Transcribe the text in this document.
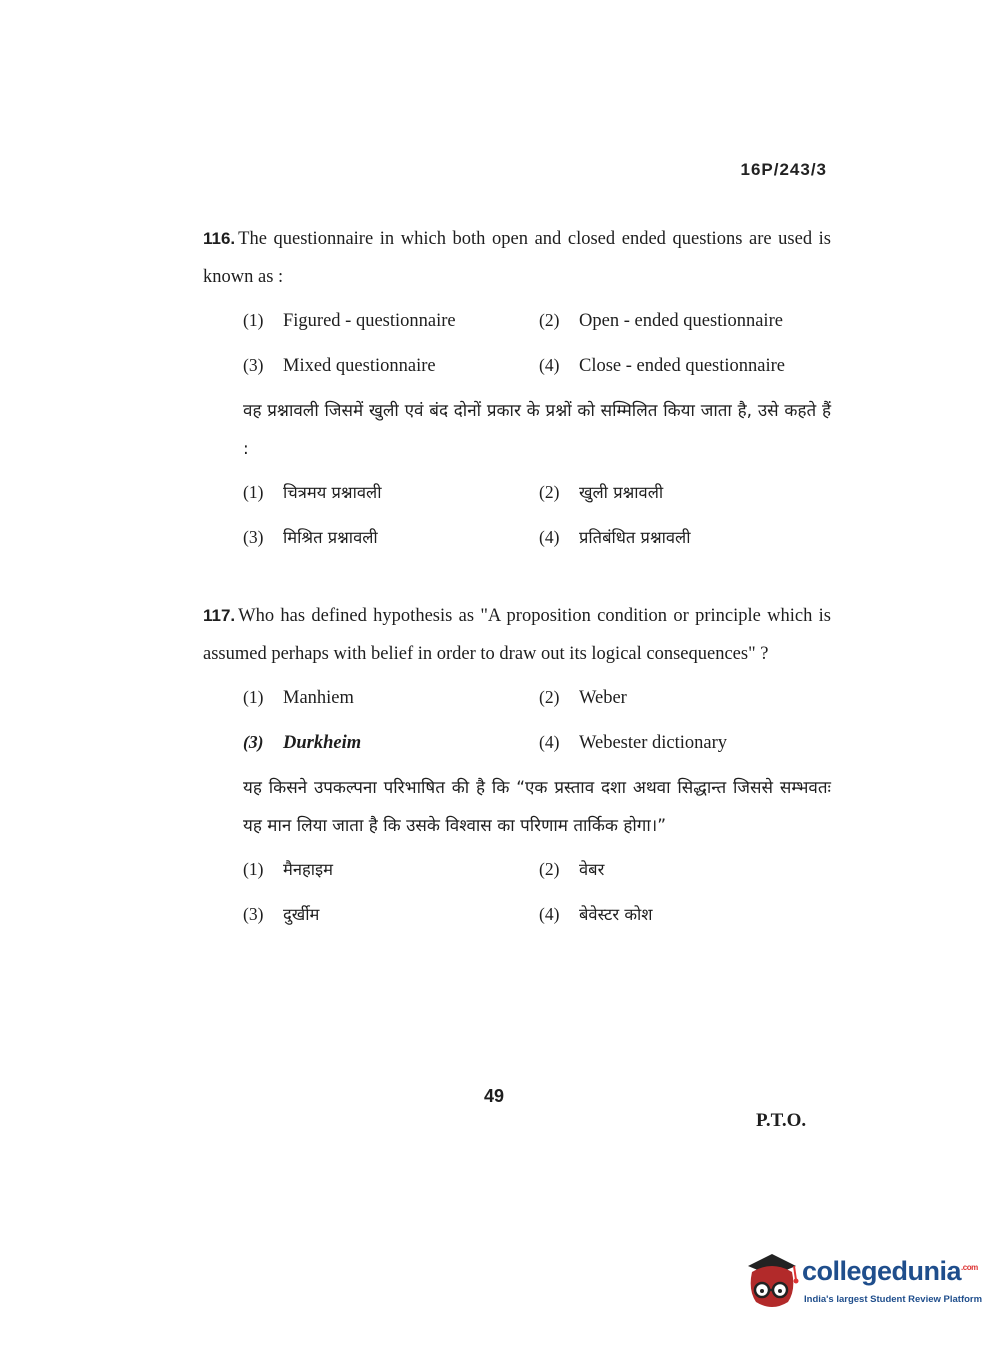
16P/243/3
116. The questionnaire in which both open and closed ended questions are used is known as :
(1) Figured - questionnaire	(2) Open - ended questionnaire
(3) Mixed questionnaire	(4) Close - ended questionnaire
वह प्रश्नावली जिसमें खुली एवं बंद दोनों प्रकार के प्रश्नों को सम्मिलित किया जाता है, उसे कहते हैं :
(1) चित्रमय प्रश्नावली	(2) खुली प्रश्नावली
(3) मिश्रित प्रश्नावली	(4) प्रतिबंधित प्रश्नावली
117. Who has defined hypothesis as "A proposition condition or principle which is assumed perhaps with belief in order to draw out its logical consequences" ?
(1) Manhiem	(2) Weber
(3) Durkheim	(4) Webester dictionary
यह किसने उपकल्पना परिभाषित की है कि “एक प्रस्ताव दशा अथवा सिद्धान्त जिससे सम्भवतः यह मान लिया जाता है कि उसके विश्वास का परिणाम तार्किक होगा।”
(1) मैनहाइम	(2) वेबर
(3) दुर्खीम	(4) बेवेस्टर कोश
49
P.T.O.
collegedunia$^{.com}$
India's largest Student Review Platform
